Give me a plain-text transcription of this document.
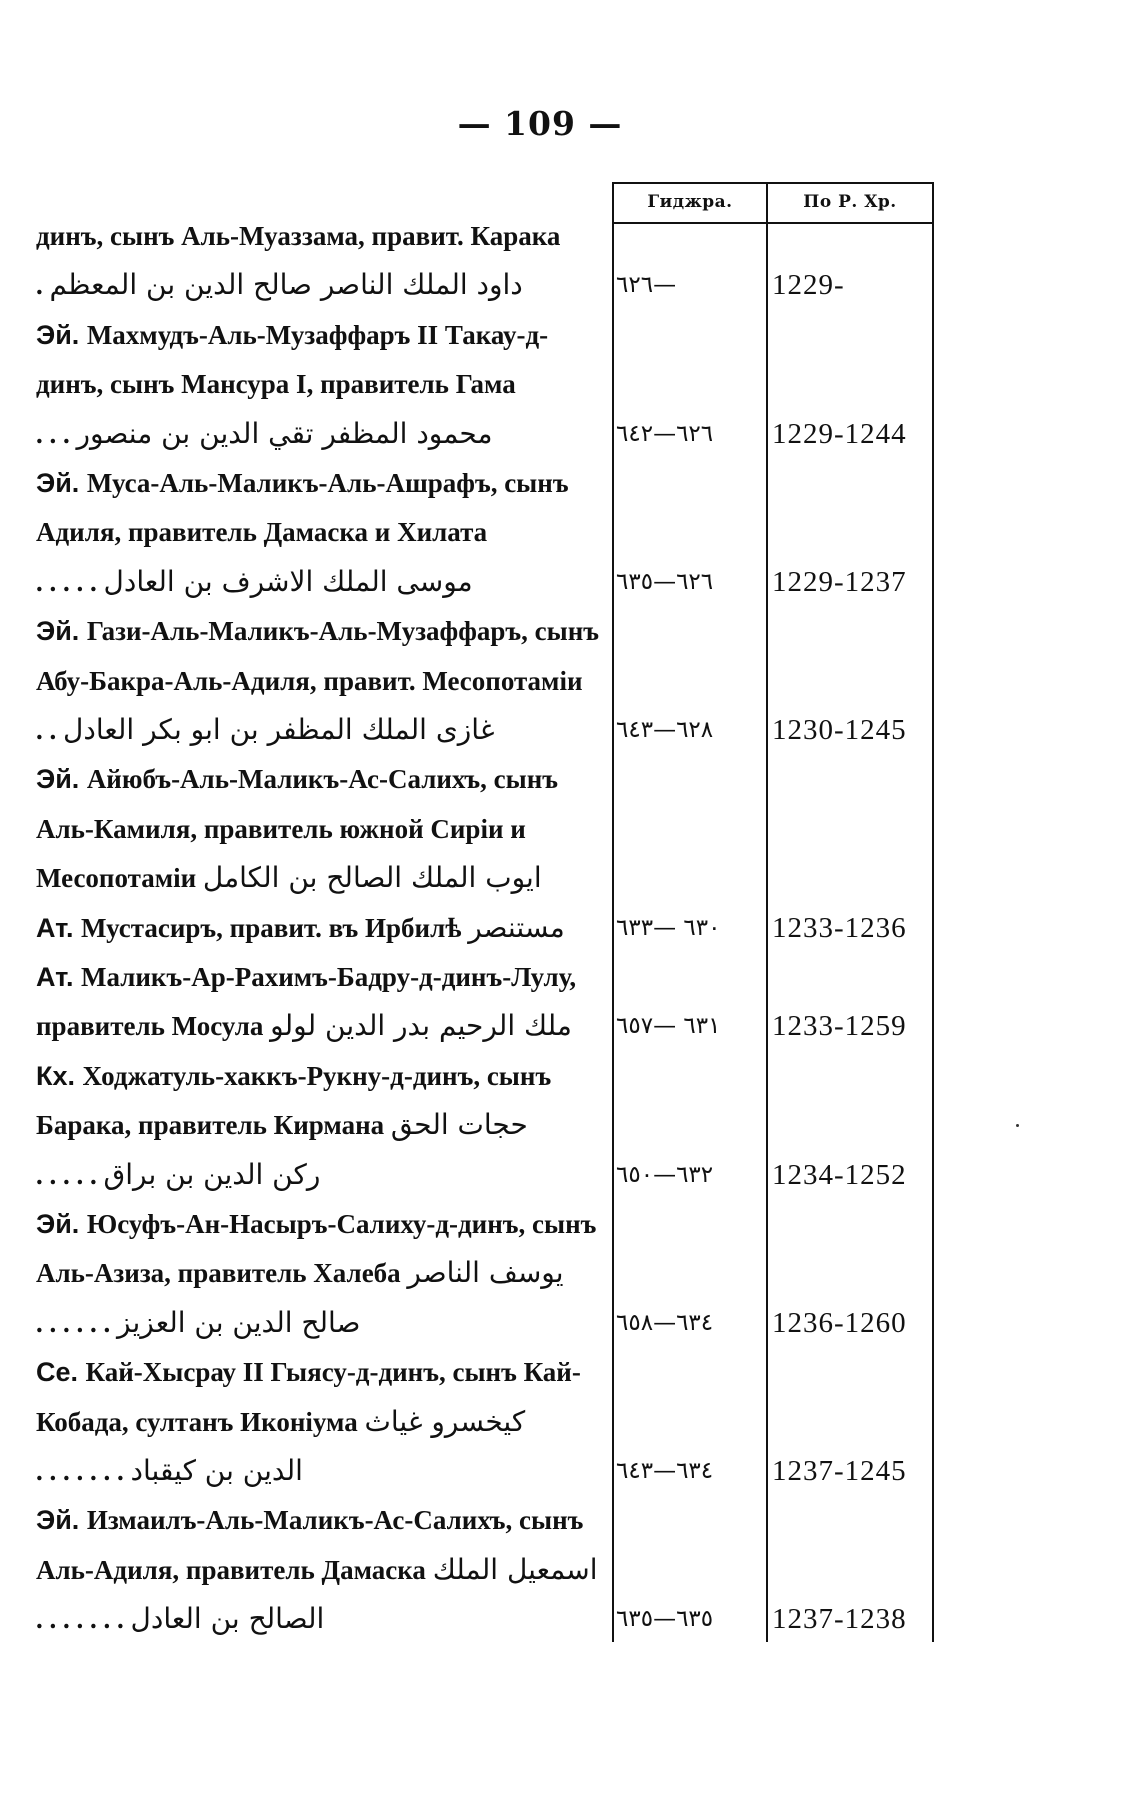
— 109 —
Гиджра.	По Р. Хр.
динъ, сынъ Аль-Муаззама, правит. Карака
. داود الملك الناصر صالح الدين بن المعظم	٦٢٦—	1229-
Эй. Махмудъ-Аль-Музаффаръ II Такау-д-
динъ, сынъ Мансура I, правитель Гама
. . . محمود المظفر تقي الدين بن منصور	٦٢٦—٦٤٢	1229-1244
Эй. Муса-Аль-Маликъ-Аль-Ашрафъ, сынъ
Адиля, правитель Дамаска и Хилата
. . . . . موسى الملك الاشرف بن العادل	٦٢٦—٦٣٥	1229-1237
Эй. Гази-Аль-Маликъ-Аль-Музаффаръ, сынъ
Абу-Бакра-Аль-Адиля, правит. Месопотаміи
. . غازى الملك المظفر بن ابو بكر العادل	٦٢٨—٦٤٣	1230-1245
Эй. Айюбъ-Аль-Маликъ-Ас-Салихъ, сынъ
Аль-Камиля, правитель южной Сиріи и
Месопотаміи ايوب الملك الصالح بن الكامل
Ат. Мустасиръ, правит. въ Ирбилѣ مستنصر	٦٣٠ —٦٣٣	1233-1236
Ат. Маликъ-Ар-Рахимъ-Бадру-д-динъ-Лулу,
правитель Мосула ملك الرحيم بدر الدين لولو	٦٣١ —٦٥٧	1233-1259
Кх. Ходжатуль-хаккъ-Рукну-д-динъ, сынъ
Барака, правитель Кирмана حجات الحق
. . . . . ركن الدين بن براق	٦٣٢—٦٥٠	1234-1252
Эй. Юсуфъ-Ан-Насыръ-Салиху-д-динъ, сынъ
Аль-Азиза, правитель Халеба يوسف الناصر
. . . . . . صالح الدين بن العزيز	٦٣٤—٦٥٨	1236-1260
Се. Кай-Хысрау II Гыясу-д-динъ, сынъ Кай-
Кобада, султанъ Иконіума كيخسرو غياث
. . . . . . . الدين بن كيقباد	٦٣٤—٦٤٣	1237-1245
Эй. Измаилъ-Аль-Маликъ-Ас-Салихъ, сынъ
Аль-Адиля, правитель Дамаска اسمعيل الملك
. . . . . . . الصالح بن العادل	٦٣٥—٦٣٥	1237-1238
